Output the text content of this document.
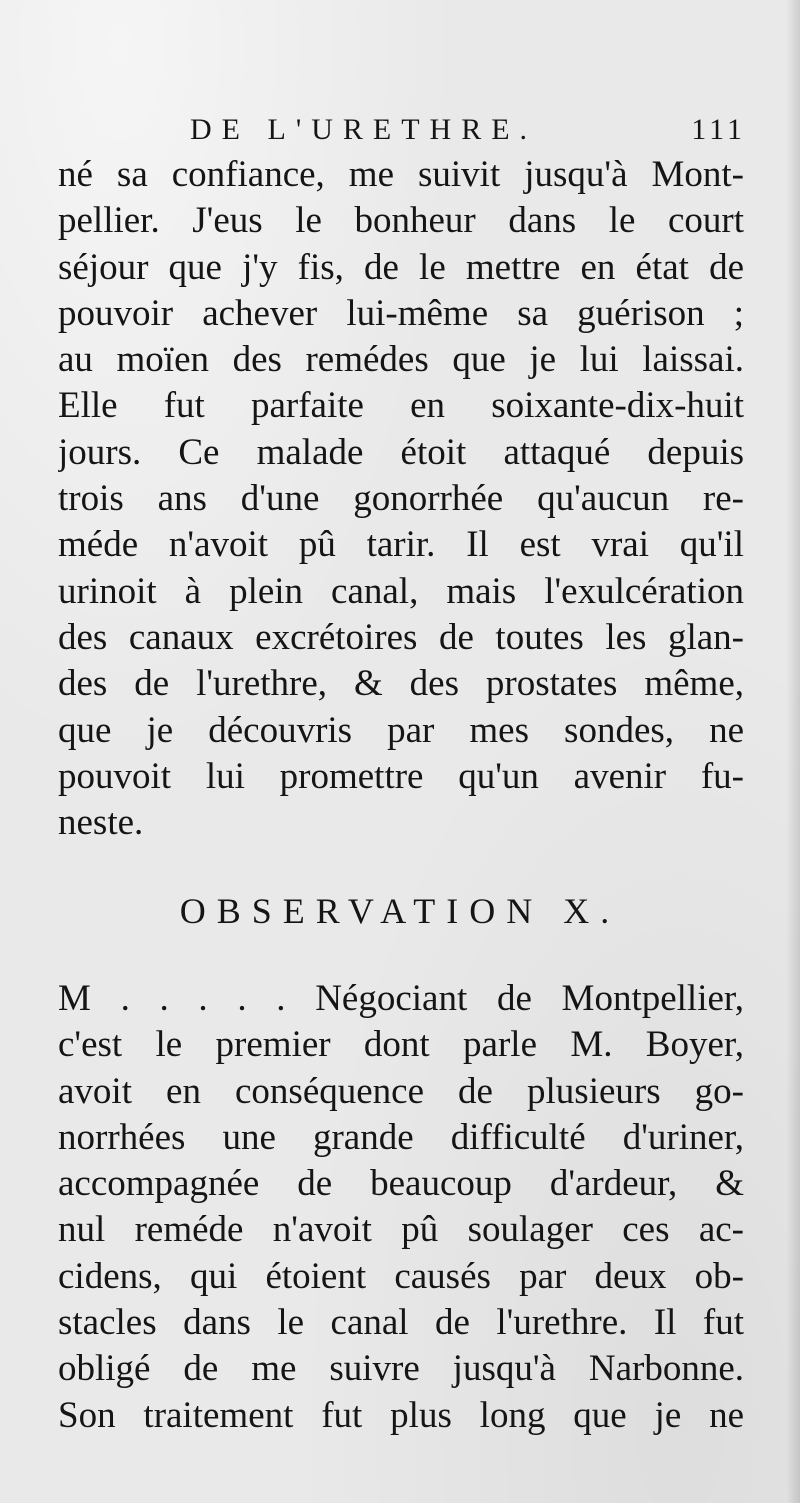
DE L'URETHRE.	111
né sa confiance, me suivit jusqu'à Mont-
pellier. J'eus le bonheur dans le court
séjour que j'y fis, de le mettre en état de
pouvoir achever lui-même sa guérison ;
au moïen des remédes que je lui laissai.
Elle fut parfaite en soixante-dix-huit
jours. Ce malade étoit attaqué depuis
trois ans d'une gonorrhée qu'aucun re-
méde n'avoit pû tarir. Il est vrai qu'il
urinoit à plein canal, mais l'exulcération
des canaux excrétoires de toutes les glan-
des de l'urethre, & des prostates même,
que je découvris par mes sondes, ne
pouvoit lui promettre qu'un avenir fu-
neste.
OBSERVATION X.
M . . . . . Négociant de Montpellier,
c'est le premier dont parle M. Boyer,
avoit en conséquence de plusieurs go-
norrhées une grande difficulté d'uriner,
accompagnée de beaucoup d'ardeur, &
nul reméde n'avoit pû soulager ces ac-
cidens, qui étoient causés par deux ob-
stacles dans le canal de l'urethre. Il fut
obligé de me suivre jusqu'à Narbonne.
Son traitement fut plus long que je ne
